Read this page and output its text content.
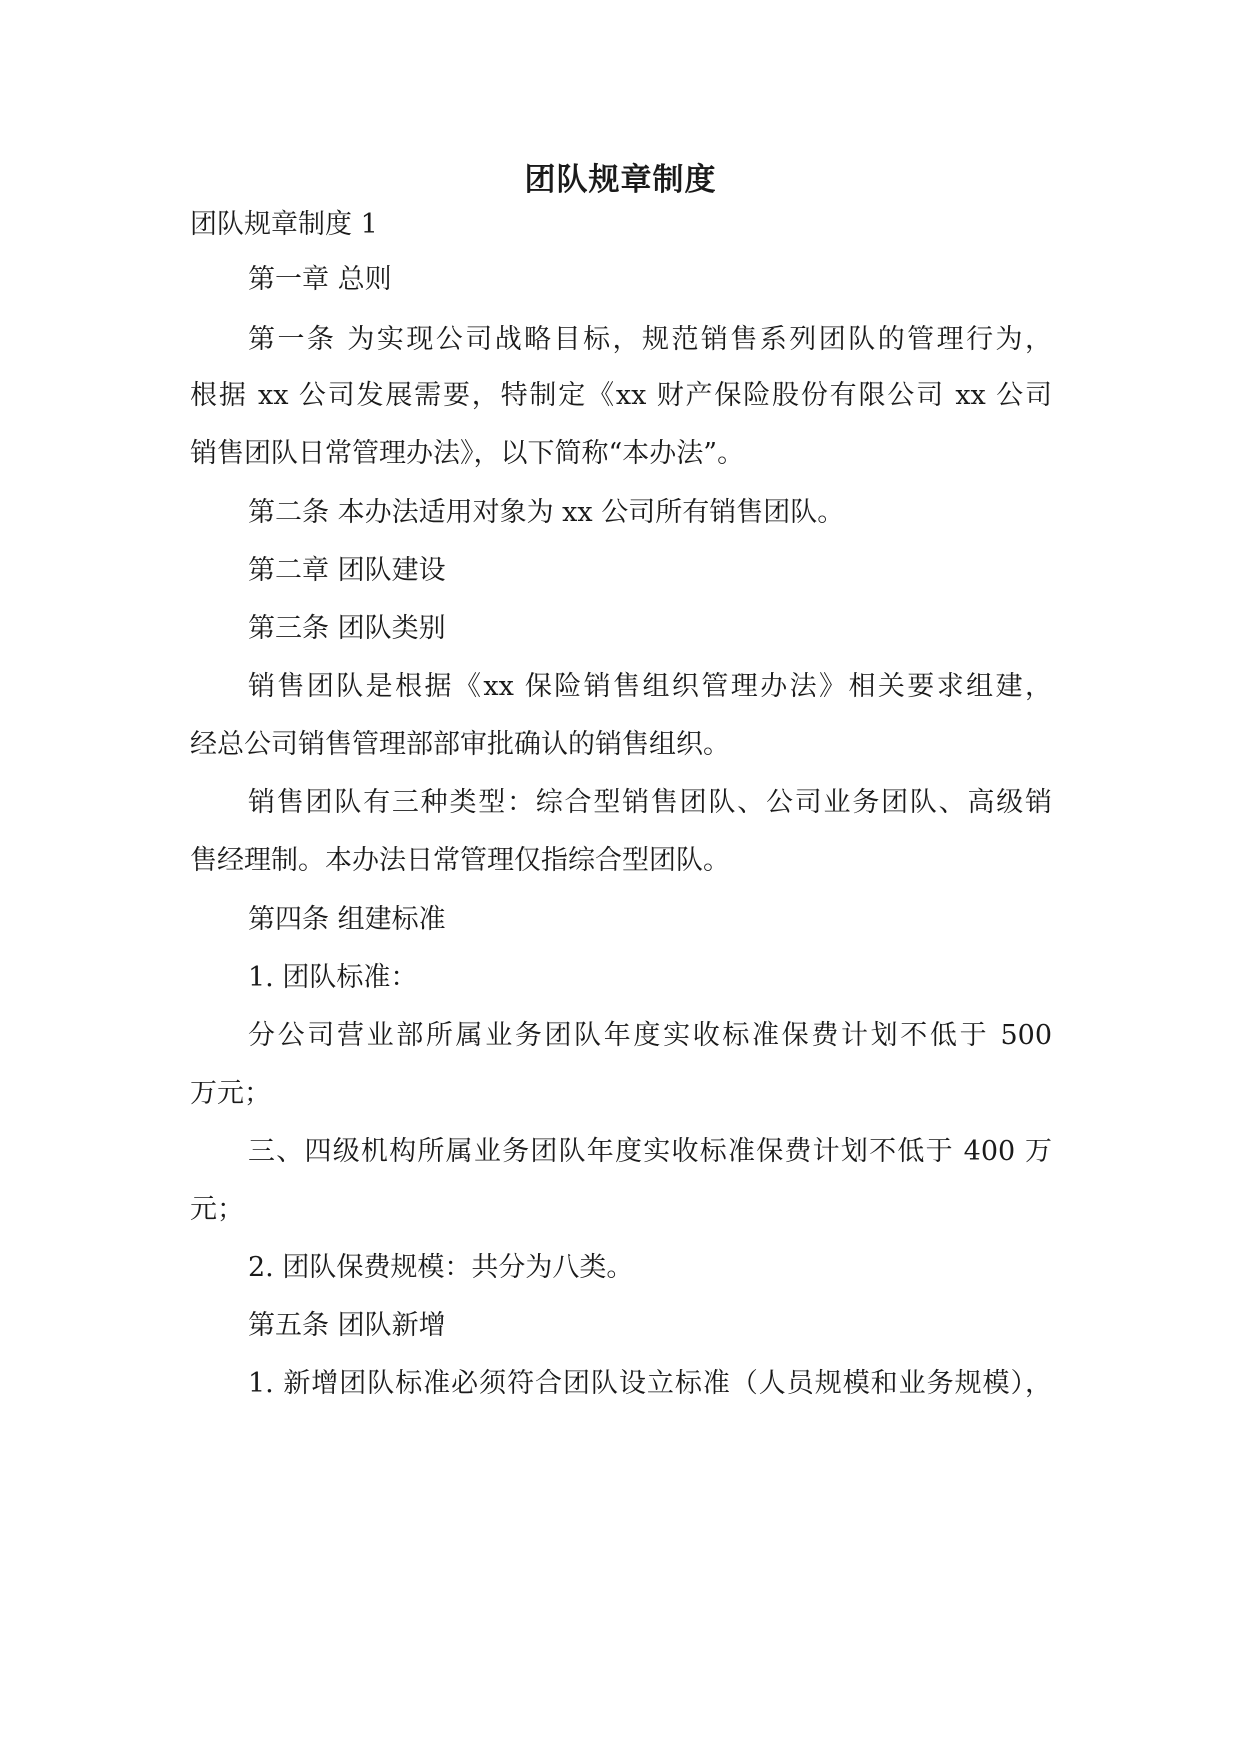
团队规章制度

团队规章制度 1

第一章 总则

第一条 为实现公司战略目标，规范销售系列团队的管理行为，

根据 xx 公司发展需要，特制定《xx 财产保险股份有限公司 xx 公司

销售团队日常管理办法》，以下简称“本办法”。

第二条 本办法适用对象为 xx 公司所有销售团队。

第二章 团队建设

第三条 团队类别

销售团队是根据《xx 保险销售组织管理办法》相关要求组建，

经总公司销售管理部部审批确认的销售组织。

销售团队有三种类型：综合型销售团队、公司业务团队、高级销

售经理制。本办法日常管理仅指综合型团队。

第四条 组建标准

1. 团队标准：

分公司营业部所属业务团队年度实收标准保费计划不低于 500

万元；

三、四级机构所属业务团队年度实收标准保费计划不低于 400 万

元；

2. 团队保费规模：共分为八类。

第五条 团队新增

1. 新增团队标准必须符合团队设立标准（人员规模和业务规模），
